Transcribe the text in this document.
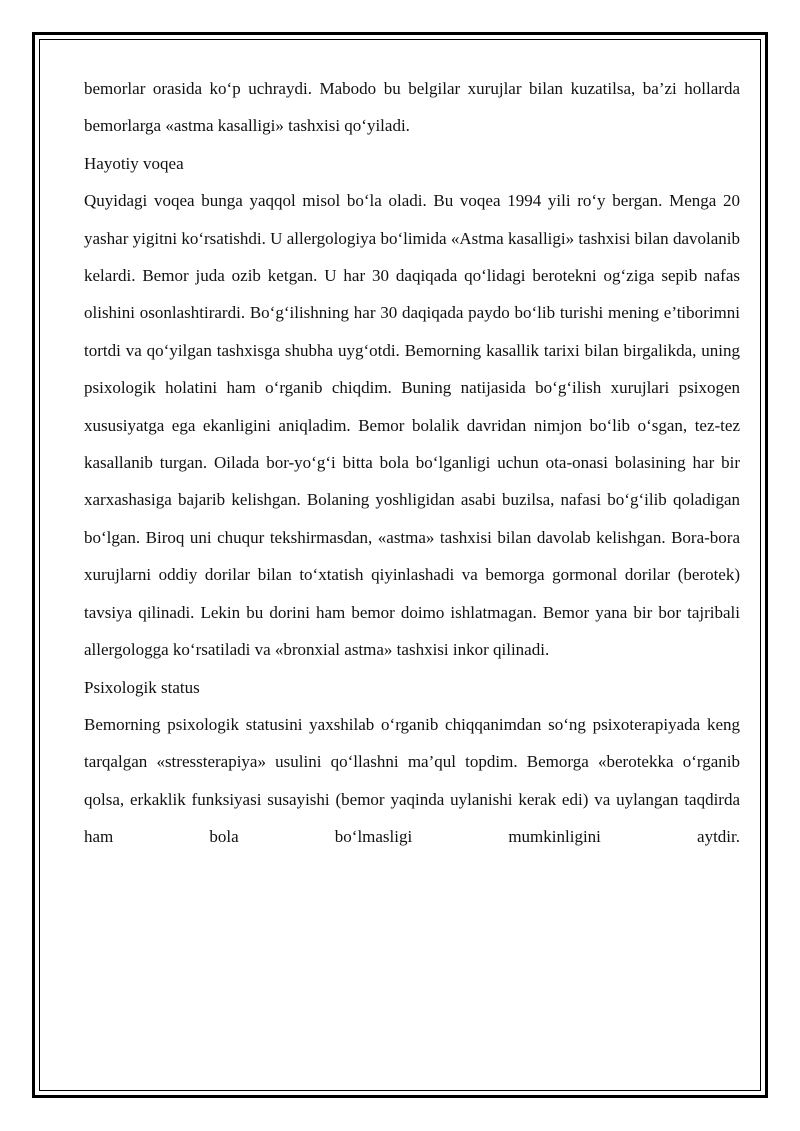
bemorlar orasida ko‘p uchraydi. Mabodo bu belgilar xurujlar bilan kuzatilsa, ba’zi hollarda bemorlarga «astma kasalligi» tashxisi qo‘yiladi.

Hayotiy voqea

Quyidagi voqea bunga yaqqol misol bo‘la oladi. Bu voqea 1994 yili ro‘y bergan. Menga 20 yashar yigitni ko‘rsatishdi. U allergologiya bo‘limida «Astma kasalligi» tashxisi bilan davolanib kelardi. Bemor juda ozib ketgan. U har 30 daqiqada qo‘lidagi berotekni og‘ziga sepib nafas olishini osonlashtirardi. Bo‘g‘ilishning har 30 daqiqada paydo bo‘lib turishi mening e’tiborimni tortdi va qo‘yilgan tashxisga shubha uyg‘otdi. Bemorning kasallik tarixi bilan birgalikda, uning psixologik holatini ham o‘rganib chiqdim. Buning natijasida bo‘g‘ilish xurujlari psixogen xususiyatga ega ekanligini aniqladim. Bemor bolalik davridan nimjon bo‘lib o‘sgan, tez-tez kasallanib turgan. Oilada bor-yo‘g‘i bitta bola bo‘lganligi uchun ota-onasi bolasining har bir xarxashasiga bajarib kelishgan. Bolaning yoshligidan asabi buzilsa, nafasi bo‘g‘ilib qoladigan bo‘lgan. Biroq uni chuqur tekshirmasdan, «astma» tashxisi bilan davolab kelishgan. Bora-bora xurujlarni oddiy dorilar bilan to‘xtatish qiyinlashadi va bemorga gormonal dorilar (berotek) tavsiya qilinadi. Lekin bu dorini ham bemor doimo ishlatmagan. Bemor yana bir bor tajribali allergologga ko‘rsatiladi va «bronxial astma» tashxisi inkor qilinadi.

Psixologik status

Bemorning psixologik statusini yaxshilab o‘rganib chiqqanimdan so‘ng psixoterapiyada keng tarqalgan «stressterapiya» usulini qo‘llashni ma’qul topdim. Bemorga «berotekka o‘rganib qolsa, erkaklik funksiyasi susayishi (bemor yaqinda uylanishi kerak edi) va uylangan taqdirda ham bola bo‘lmasligi mumkinligini aytdir.
